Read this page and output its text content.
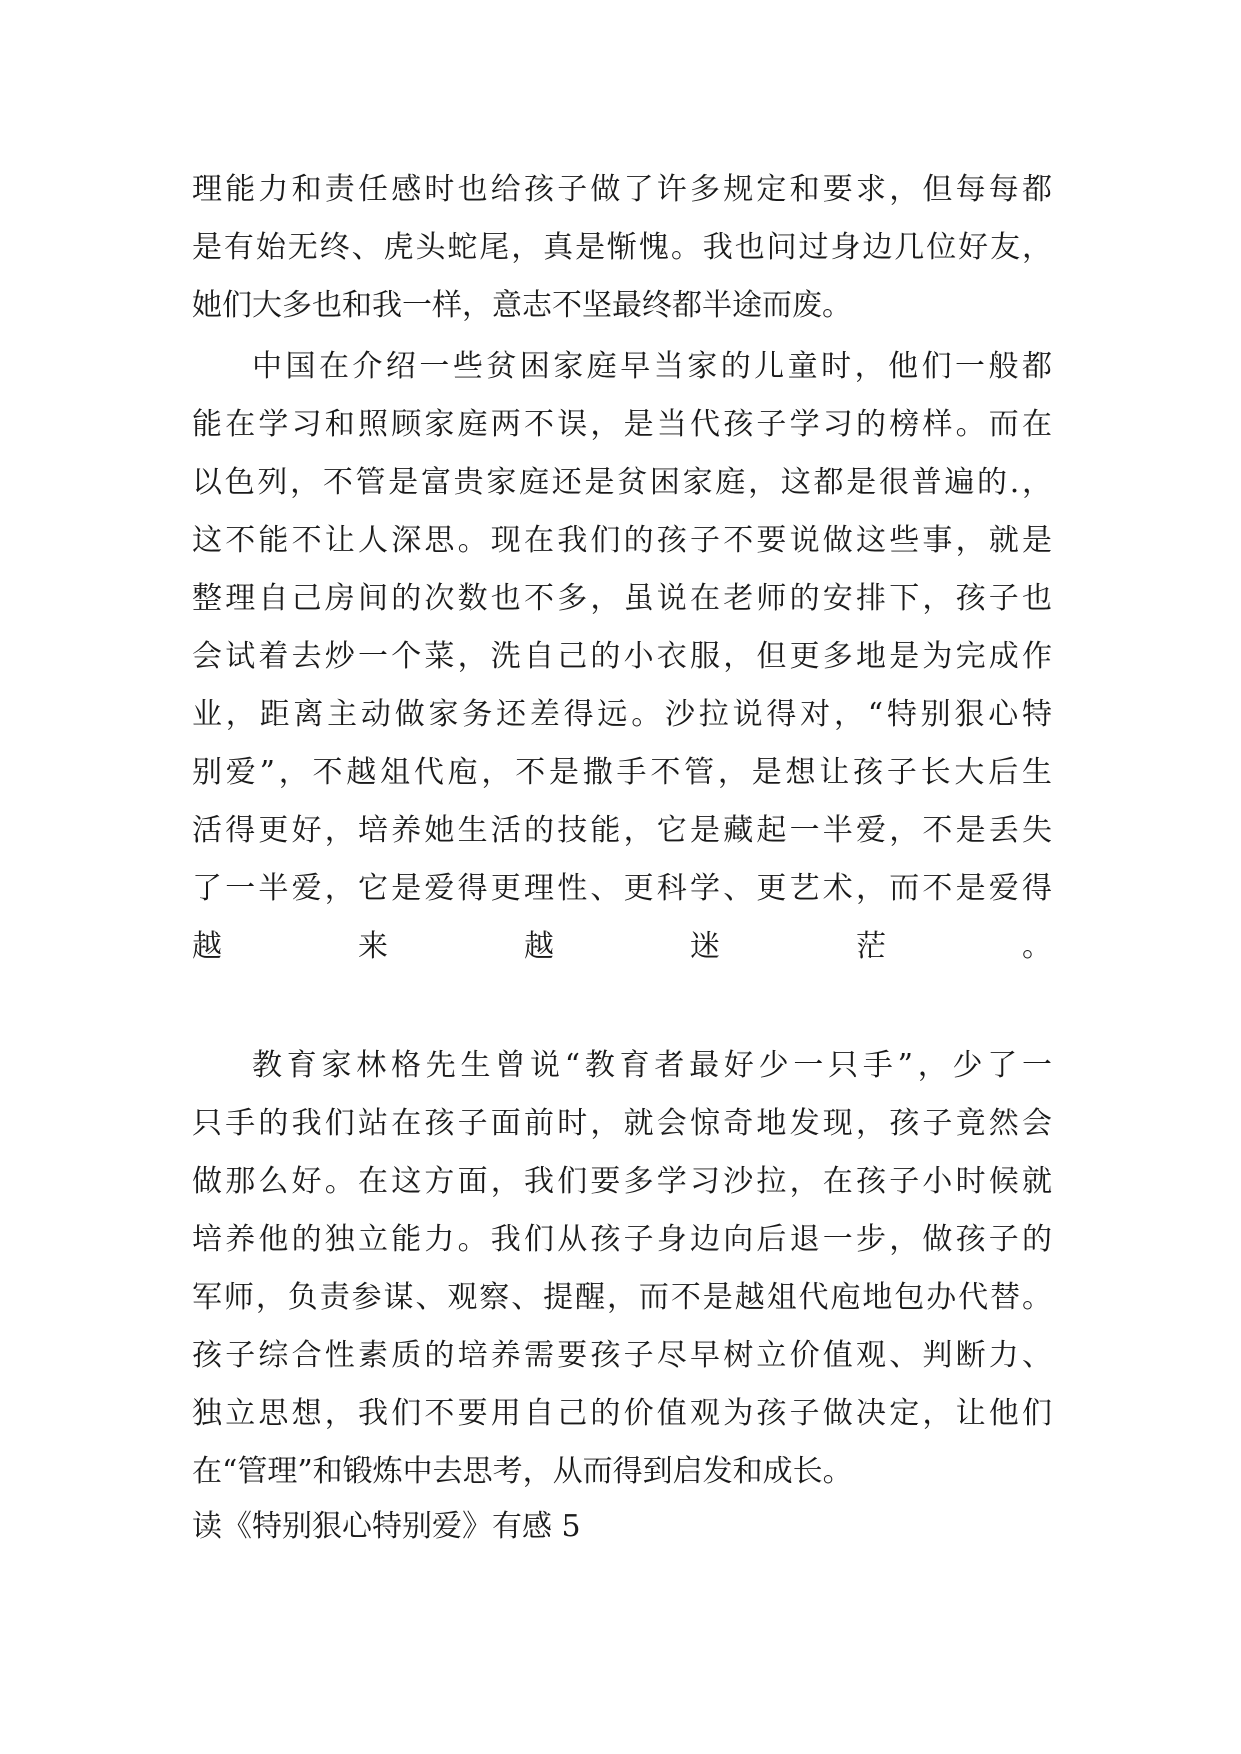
理能力和责任感时也给孩子做了许多规定和要求，但每每都
是有始无终、虎头蛇尾，真是惭愧。我也问过身边几位好友，
她们大多也和我一样，意志不坚最终都半途而废。
中国在介绍一些贫困家庭早当家的儿童时，他们一般都
能在学习和照顾家庭两不误，是当代孩子学习的榜样。而在
以色列，不管是富贵家庭还是贫困家庭，这都是很普遍的.，
这不能不让人深思。现在我们的孩子不要说做这些事，就是
整理自己房间的次数也不多，虽说在老师的安排下，孩子也
会试着去炒一个菜，洗自己的小衣服，但更多地是为完成作
业，距离主动做家务还差得远。沙拉说得对，“特别狠心特
别爱”，不越俎代庖，不是撒手不管，是想让孩子长大后生
活得更好，培养她生活的技能，它是藏起一半爱，不是丢失
了一半爱，它是爱得更理性、更科学、更艺术，而不是爱得
越来越迷茫。
教育家林格先生曾说“教育者最好少一只手”，少了一
只手的我们站在孩子面前时，就会惊奇地发现，孩子竟然会
做那么好。在这方面，我们要多学习沙拉，在孩子小时候就
培养他的独立能力。我们从孩子身边向后退一步，做孩子的
军师，负责参谋、观察、提醒，而不是越俎代庖地包办代替。
孩子综合性素质的培养需要孩子尽早树立价值观、判断力、
独立思想，我们不要用自己的价值观为孩子做决定，让他们
在“管理”和锻炼中去思考，从而得到启发和成长。
读《特别狠心特别爱》有感 5
